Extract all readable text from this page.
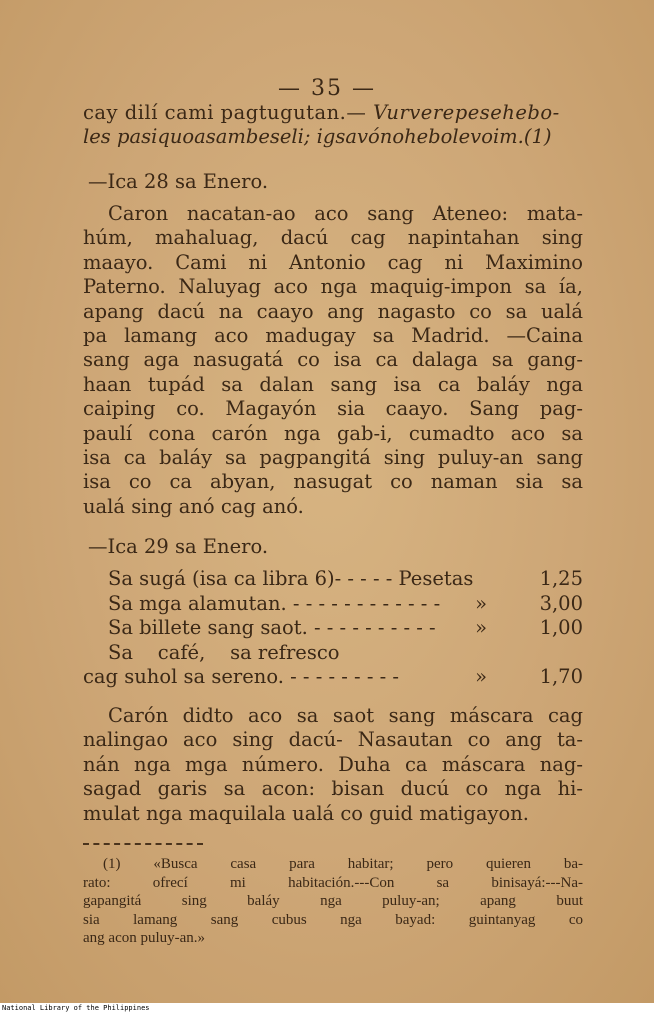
— 35 —
cay dilí cami pagtugutan.— Vurverepesehebo-
les pasiquoasambeseli; igsavónohebolevoim.(1)
—Ica 28 sa Enero.
Caron nacatan-ao aco sang Ateneo: mata-
húm, mahaluag, dacú cag napintahan sing
maayo. Cami ni Antonio cag ni Maximino
Paterno. Naluyag aco nga maquig-impon sa ía,
apang dacú na caayo ang nagasto co sa ualá
pa lamang aco madugay sa Madrid. —Caina
sang aga nasugatá co isa ca dalaga sa gang-
haan tupád sa dalan sang isa ca baláy nga
caiping co. Magayón sia caayo. Sang pag-
paulí cona carón nga gab-i, cumadto aco sa
isa ca baláy sa pagpangitá sing puluy-an sang
isa co ca abyan, nasugat co naman sia sa
ualá sing anó cag anó.
—Ica 29 sa Enero.
Sa sugá (isa ca libra 6)- - - - - Pesetas	1,25
Sa mga alamutan. - - - - - - - - - - - - »	3,00
Sa billete sang saot. - - - - - - - - - - »	1,00
Sa    café,    sa refresco
cag suhol sa sereno. - - - - - - - - -	»	1,70
Carón didto aco sa saot sang máscara cag
nalingao aco sing dacú- Nasautan co ang ta-
nán nga mga número. Duha ca máscara nag-
sagad garis sa acon: bisan ducú co nga hi-
mulat nga maquilala ualá co guid matigayon.
(1) «Busca casa para habitar; pero quieren ba-
rato: ofrecí mi habitación.---Con sa binisayá:---Na-
gapangitá sing baláy nga puluy-an; apang buut
sia lamang sang cubus nga bayad: guintanyag co
ang acon puluy-an.»
National Library of the Philippines
